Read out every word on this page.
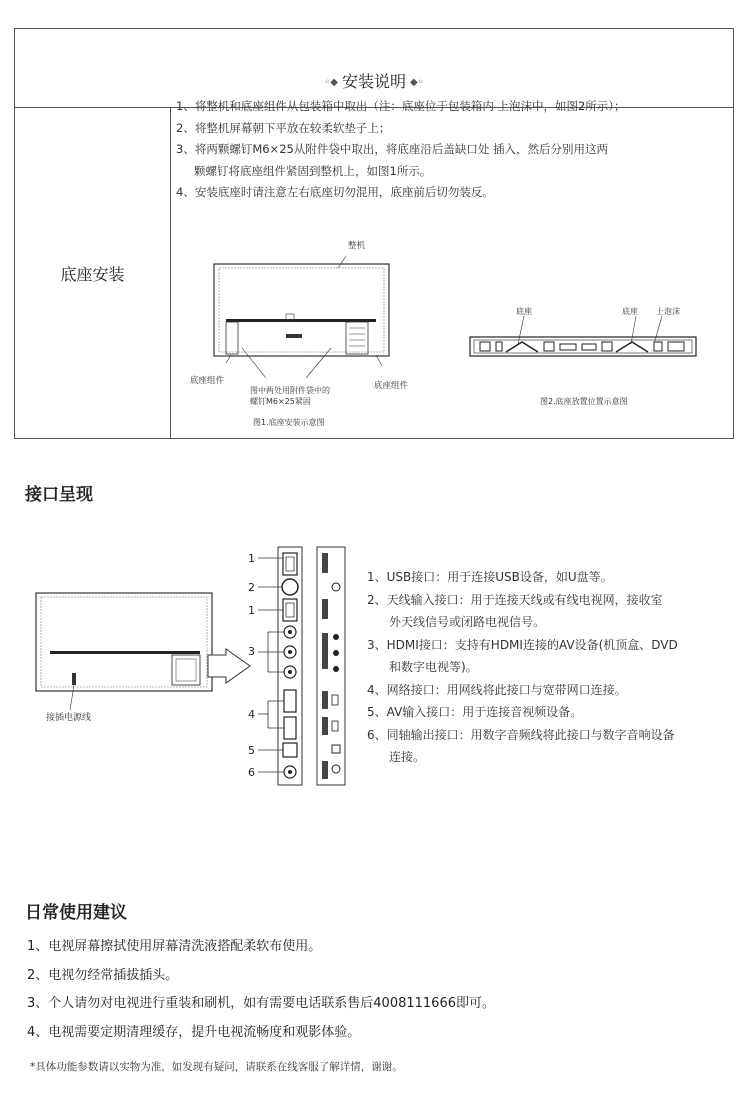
◦◆ 安装说明 ◆◦
底座安装
1、将整机和底座组件从包装箱中取出（注：底座位于包装箱内 上泡沫中，如图2所示）；
2、将整机屏幕朝下平放在较柔软垫子上；
3、将两颗螺钉M6×25从附件袋中取出，将底座沿后盖缺口处 插入，然后分别用这两
颗螺钉将底座组件紧固到整机上，如图1所示。
4、安装底座时请注意左右底座切勿混用，底座前后切勿装反。
整机
底座组件	底座组件
图中两处用附件袋中的
螺钉M6×25紧固
图1.底座安装示意图
底座	底座 上泡沫
图2.底座放置位置示意图
接口呈现
接插电源线
1
2
1
3
4
5
6
1、USB接口：用于连接USB设备，如U盘等。
2、天线输入接口：用于连接天线或有线电视网，接收室
外天线信号或闭路电视信号。
3、HDMI接口：支持有HDMI连接的AV设备(机顶盒、DVD
和数字电视等)。
4、网络接口：用网线将此接口与宽带网口连接。
5、AV输入接口：用于连接音视频设备。
6、同轴输出接口：用数字音频线将此接口与数字音响设备
连接。
日常使用建议
1、电视屏幕擦拭使用屏幕清洗液搭配柔软布使用。
2、电视勿经常插拔插头。
3、个人请勿对电视进行重装和刷机，如有需要电话联系售后4008111666即可。
4、电视需要定期清理缓存，提升电视流畅度和观影体验。
*具体功能参数请以实物为准，如发现有疑问，请联系在线客服了解详情，谢谢。
